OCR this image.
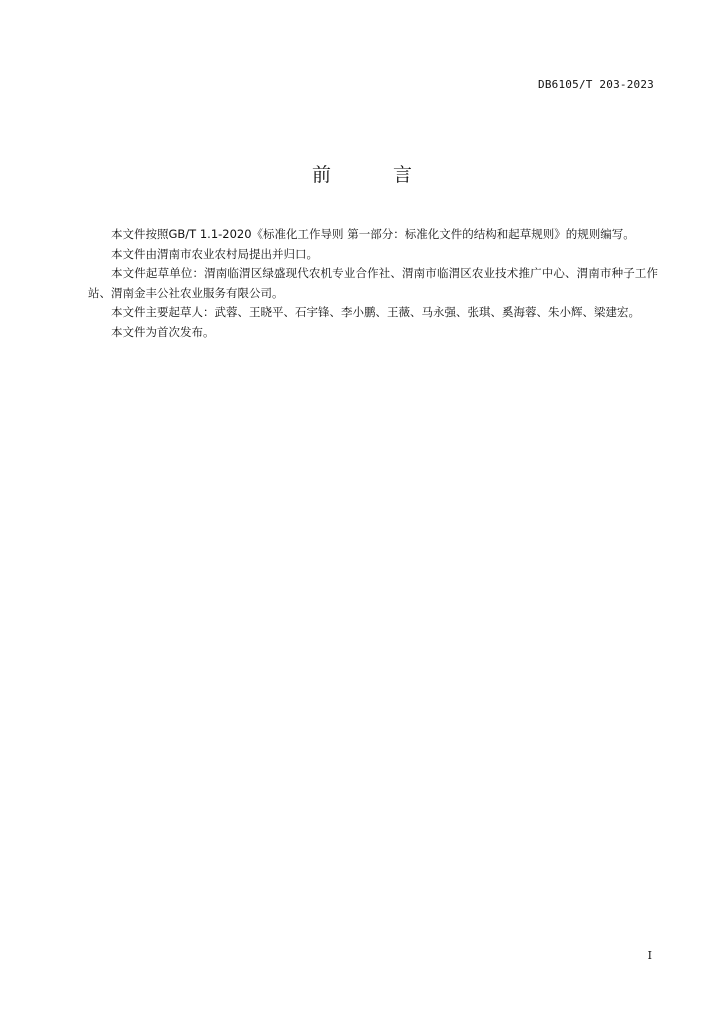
DB6105/T 203-2023
前 言

本文件按照GB/T 1.1-2020《标准化工作导则 第一部分：标准化文件的结构和起草规则》的规则编写。

本文件由渭南市农业农村局提出并归口。

本文件起草单位：渭南临渭区绿盛现代农机专业合作社、渭南市临渭区农业技术推广中心、渭南市种子工作站、渭南金丰公社农业服务有限公司。

本文件主要起草人：武蓉、王晓平、石宇锋、李小鹏、王薇、马永强、张琪、奚海蓉、朱小辉、梁建宏。

本文件为首次发布。

I
